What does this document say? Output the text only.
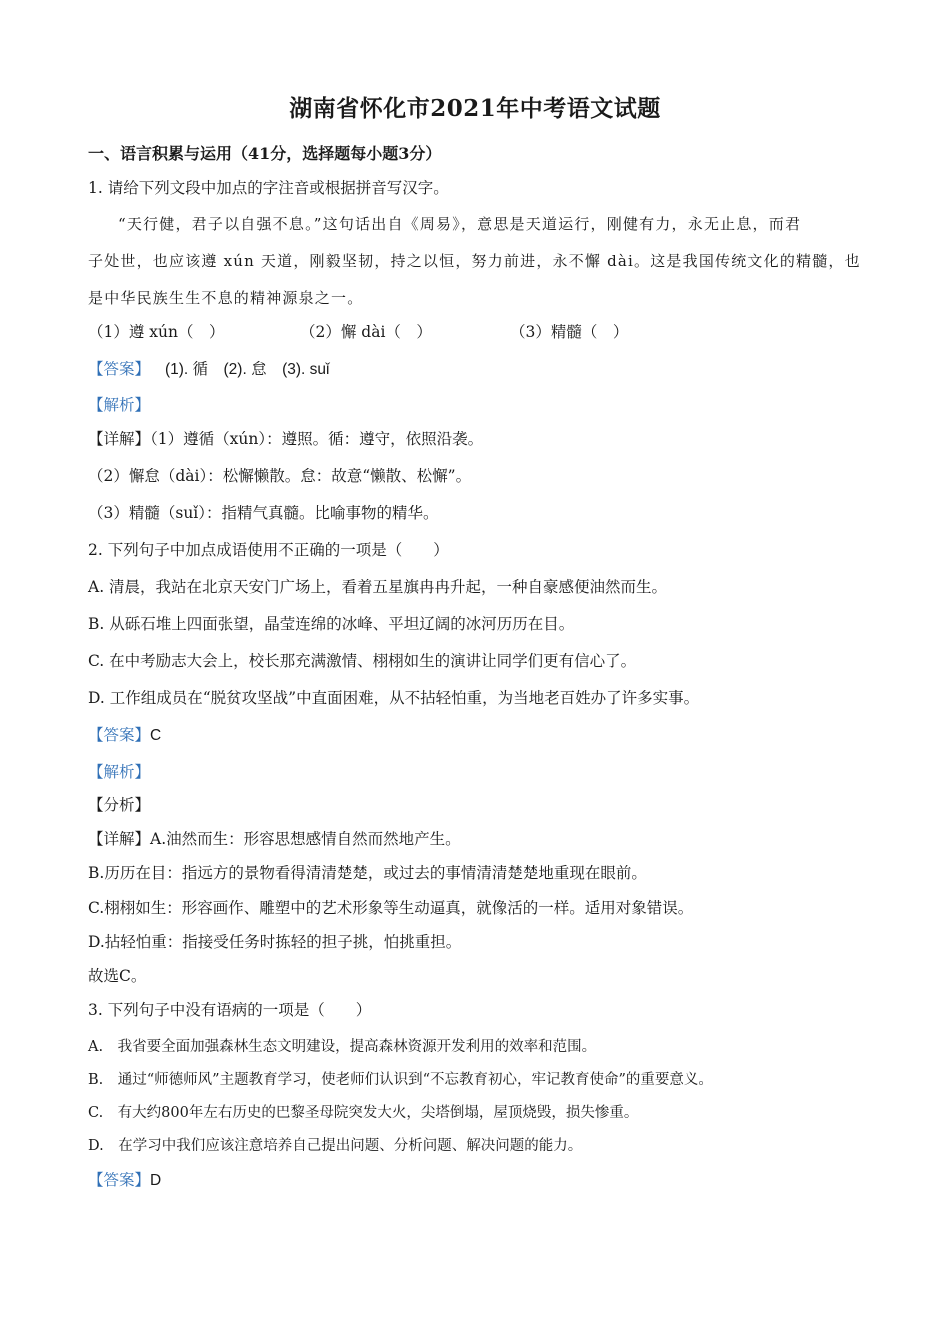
湖南省怀化市2021年中考语文试题
一、语言积累与运用（41分，选择题每小题3分）
1. 请给下列文段中加点的字注音或根据拼音写汉字。
“天行健，君子以自强不息。”这句话出自《周易》，意思是天道运行，刚健有力，永无止息，而君
子处世，也应该遵 xún 天道，刚毅坚韧，持之以恒，努力前进，永不懈 dài。这是我国传统文化的精髓，也
是中华民族生生不息的精神源泉之一。
（1）遵 xún（　）	（2）懈 dài（　）	（3）精髓（　）
【答案】 (1). 循　(2). 怠　(3). suǐ
【解析】
【详解】（1）遵循（xún）：遵照。循：遵守，依照沿袭。
（2）懈怠（dài）：松懈懒散。怠：故意“懒散、松懈”。
（3）精髓（suǐ）：指精气真髓。比喻事物的精华。
2. 下列句子中加点成语使用不正确的一项是（　　）
A. 清晨，我站在北京天安门广场上，看着五星旗冉冉升起，一种自豪感便油然而生。
B. 从砾石堆上四面张望，晶莹连绵的冰峰、平坦辽阔的冰河历历在目。
C. 在中考励志大会上，校长那充满激情、栩栩如生的演讲让同学们更有信心了。
D. 工作组成员在“脱贫攻坚战”中直面困难，从不拈轻怕重，为当地老百姓办了许多实事。
【答案】C
【解析】
【分析】
【详解】A.油然而生：形容思想感情自然而然地产生。
B.历历在目：指远方的景物看得清清楚楚，或过去的事情清清楚楚地重现在眼前。
C.栩栩如生：形容画作、雕塑中的艺术形象等生动逼真，就像活的一样。适用对象错误。
D.拈轻怕重：指接受任务时拣轻的担子挑，怕挑重担。
故选C。
3. 下列句子中没有语病的一项是（　　）
A.　我省要全面加强森林生态文明建设，提高森林资源开发利用的效率和范围。
B.　通过“师德师风”主题教育学习，使老师们认识到“不忘教育初心，牢记教育使命”的重要意义。
C.　有大约800年左右历史的巴黎圣母院突发大火，尖塔倒塌，屋顶烧毁，损失惨重。
D.　在学习中我们应该注意培养自己提出问题、分析问题、解决问题的能力。
【答案】D
